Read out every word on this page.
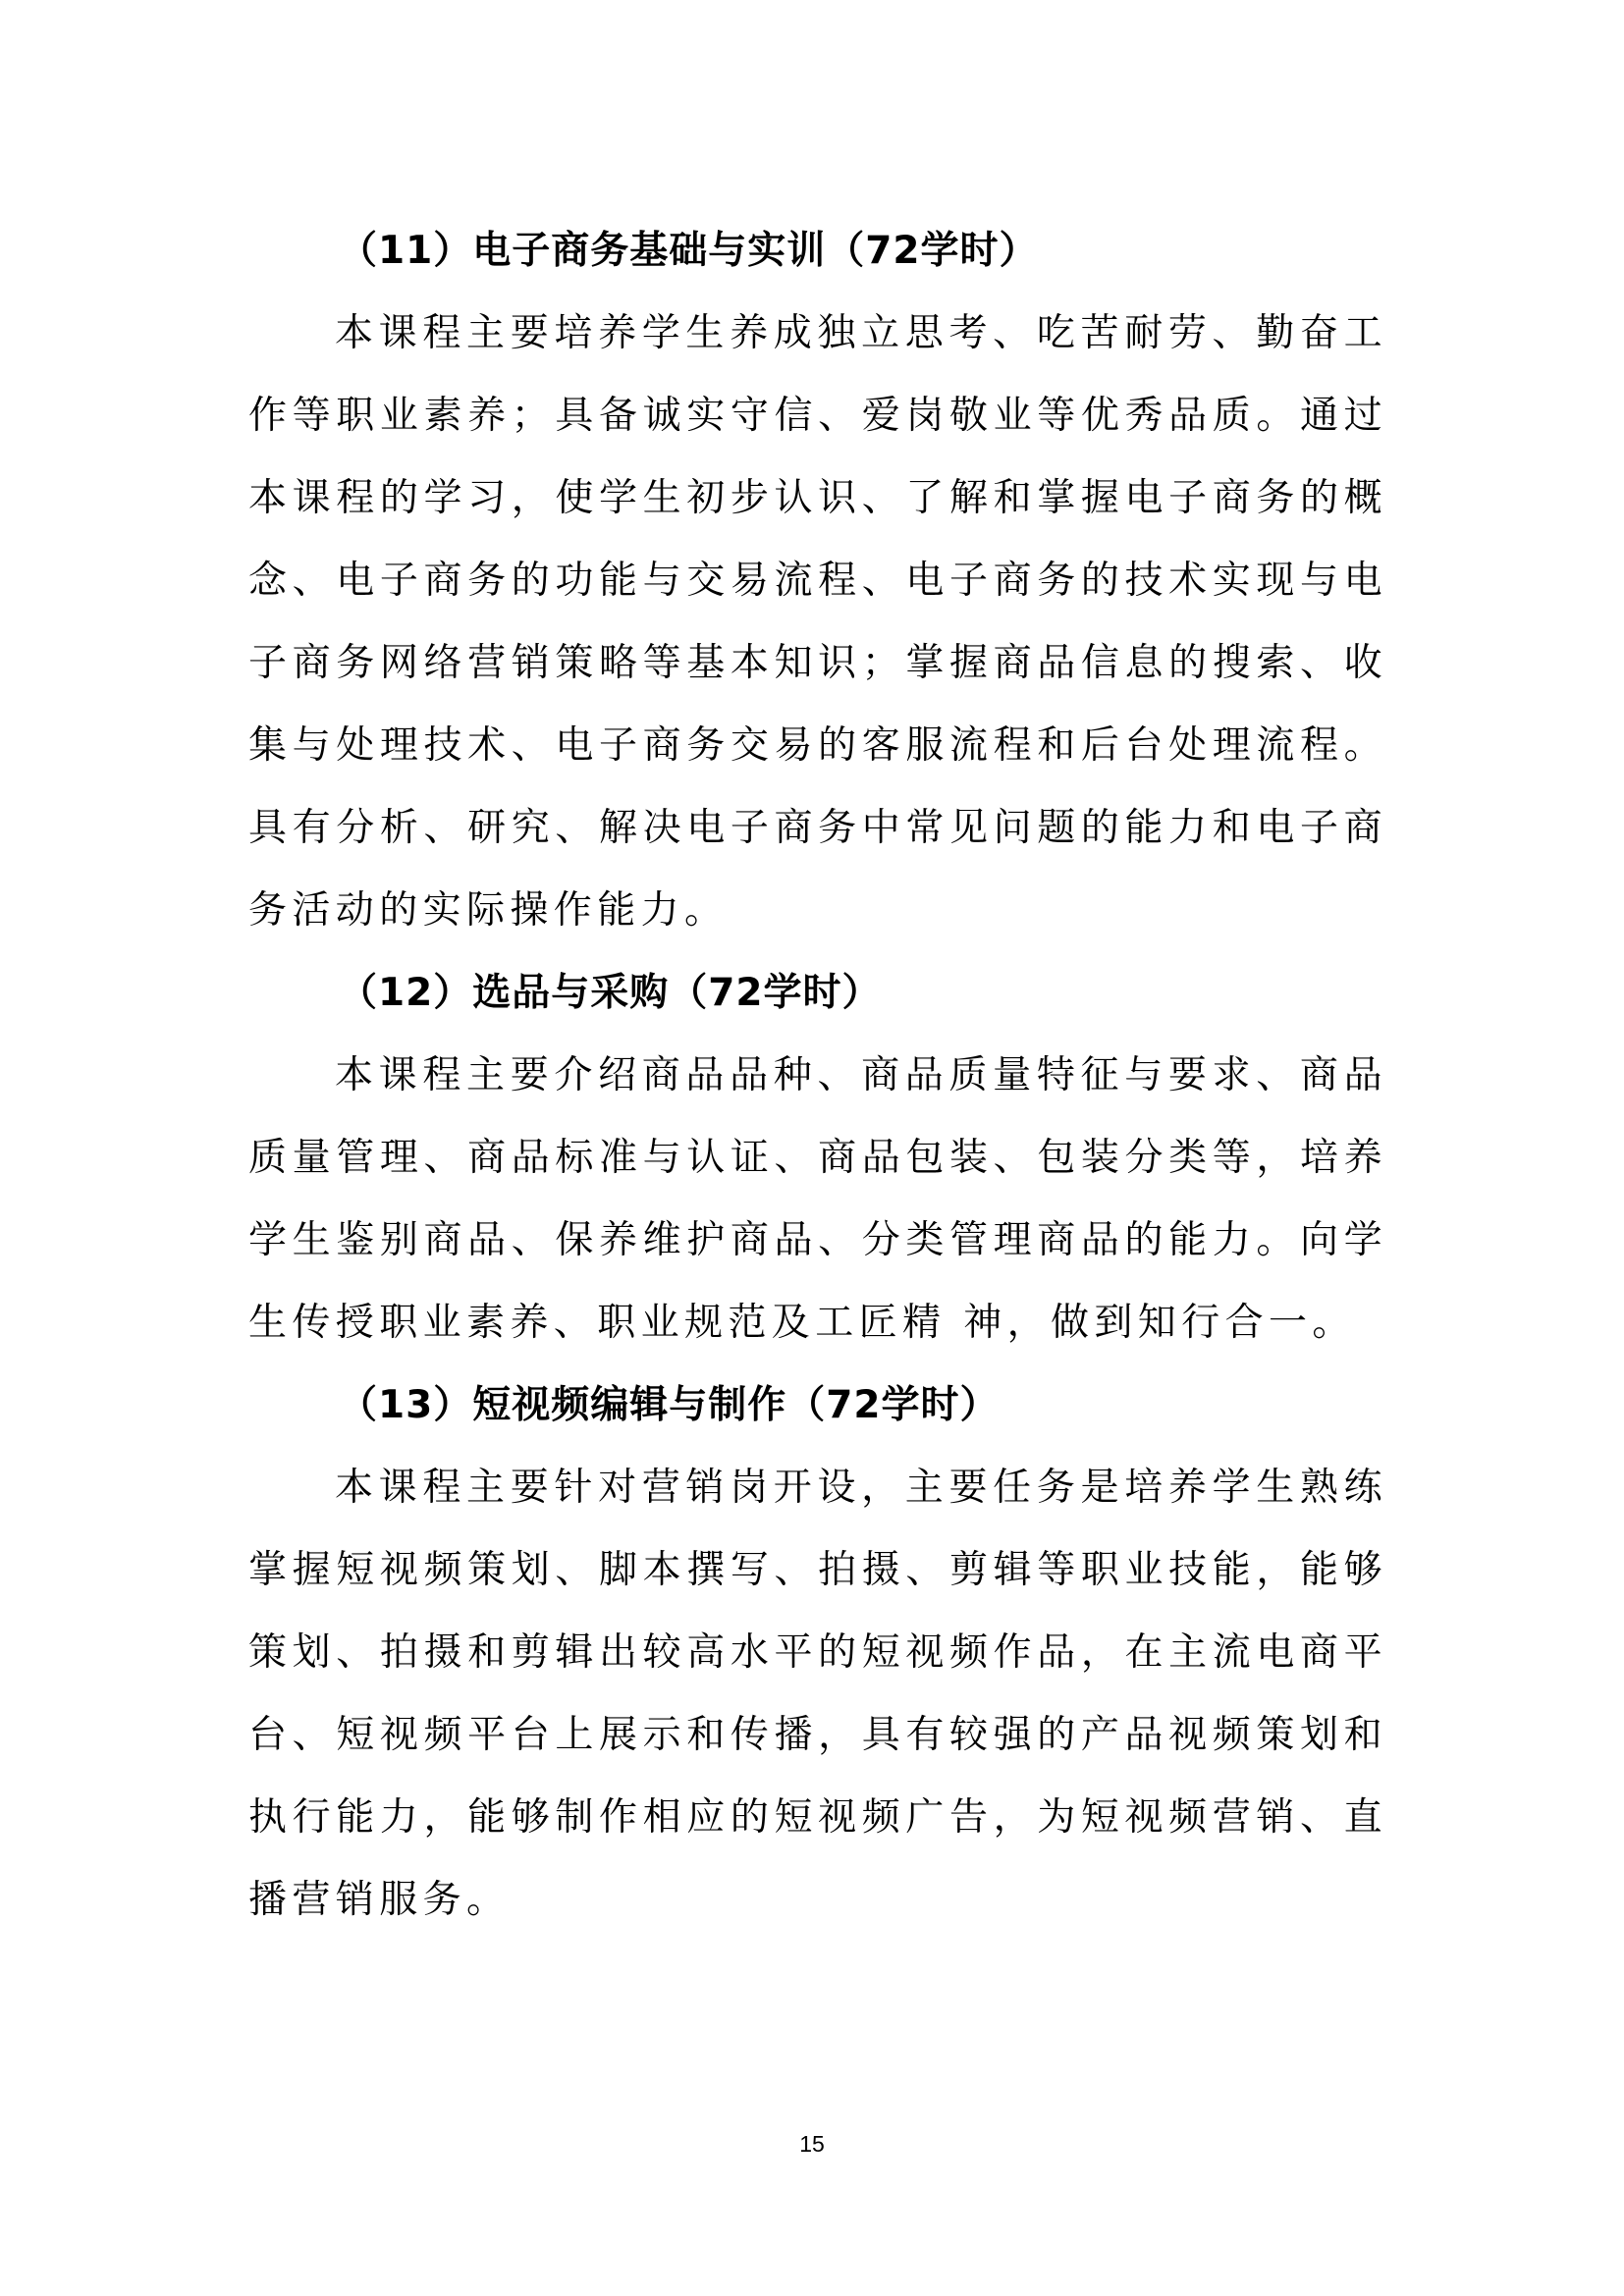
（11）电子商务基础与实训（72学时）

本课程主要培养学生养成独立思考、吃苦耐劳、勤奋工作等职业素养；具备诚实守信、爱岗敬业等优秀品质。通过本课程的学习，使学生初步认识、了解和掌握电子商务的概念、电子商务的功能与交易流程、电子商务的技术实现与电子商务网络营销策略等基本知识；掌握商品信息的搜索、收集与处理技术、电子商务交易的客服流程和后台处理流程。具有分析、研究、解决电子商务中常见问题的能力和电子商务活动的实际操作能力。

（12）选品与采购（72学时）

本课程主要介绍商品品种、商品质量特征与要求、商品质量管理、商品标准与认证、商品包装、包装分类等，培养学生鉴别商品、保养维护商品、分类管理商品的能力。向学生传授职业素养、职业规范及工匠精 神，做到知行合一。

（13）短视频编辑与制作（72学时）

本课程主要针对营销岗开设，主要任务是培养学生熟练掌握短视频策划、脚本撰写、拍摄、剪辑等职业技能，能够策划、拍摄和剪辑出较高水平的短视频作品，在主流电商平台、短视频平台上展示和传播，具有较强的产品视频策划和执行能力，能够制作相应的短视频广告，为短视频营销、直播营销服务。

15
